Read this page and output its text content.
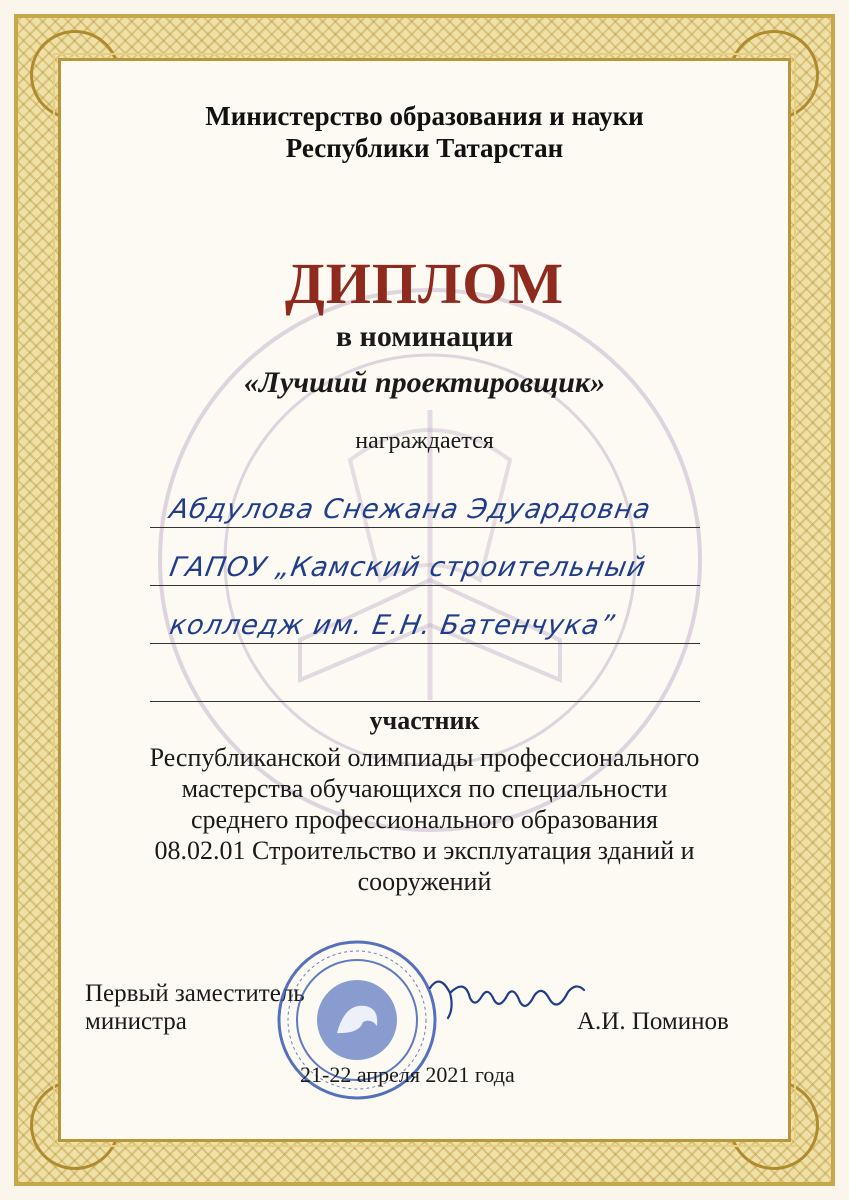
Министерство образования и науки
Республики Татарстан
ДИПЛОМ
в номинации
«Лучший проектировщик»
награждается
Абдулова Снежана Эдуардовна
ГАПОУ „Камский строительный
колледж им. Е.Н. Батенчука”
участник
Республиканской олимпиады профессионального
мастерства обучающихся по специальности
среднего профессионального образования
08.02.01 Строительство и эксплуатация зданий и
сооружений
Первый заместитель
министра	А.И. Поминов
21-22 апреля 2021 года
